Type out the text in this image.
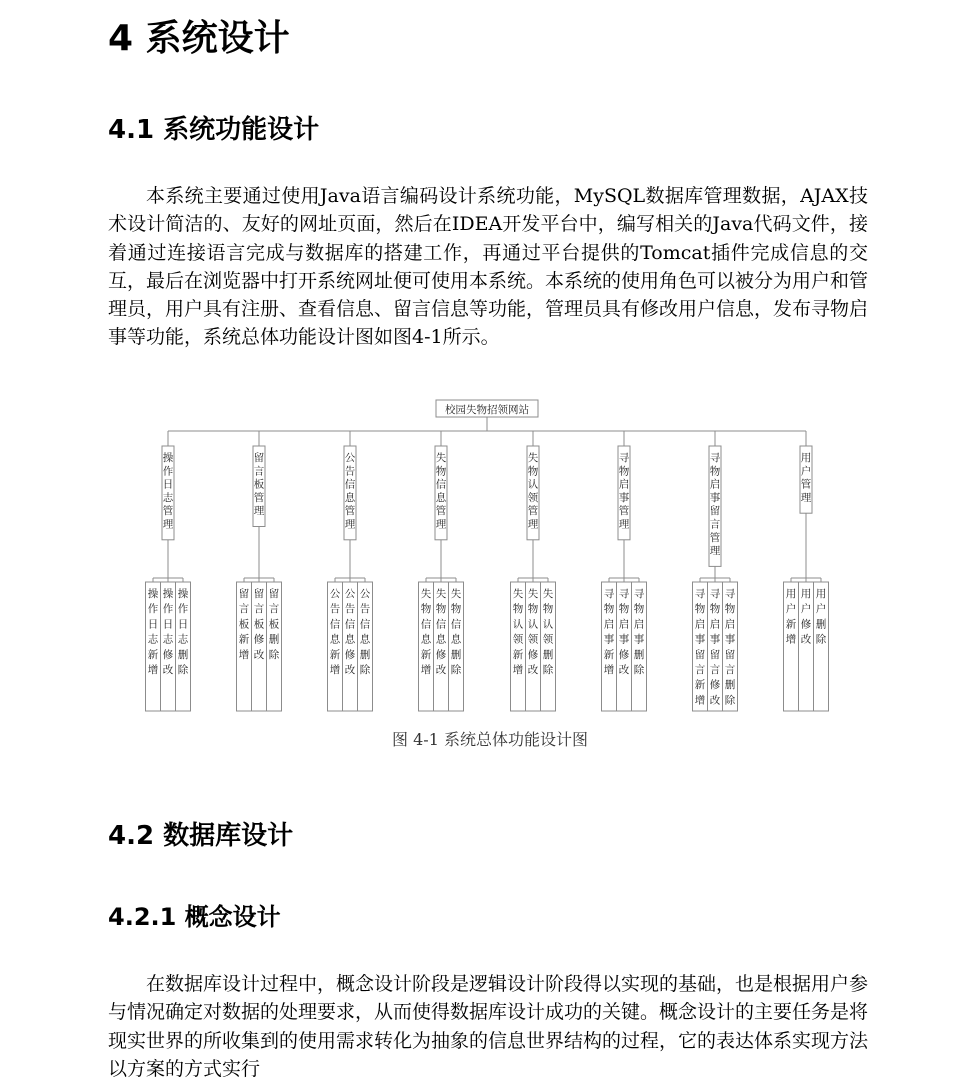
4 系统设计
4.1 系统功能设计

本系统主要通过使用Java语言编码设计系统功能，MySQL数据库管理数据，AJAX技术设计简洁的、友好的网址页面，然后在IDEA开发平台中，编写相关的Java代码文件，接着通过连接语言完成与数据库的搭建工作，再通过平台提供的Tomcat插件完成信息的交互，最后在浏览器中打开系统网址便可使用本系统。本系统的使用角色可以被分为用户和管理员，用户具有注册、查看信息、留言信息等功能，管理员具有修改用户信息，发布寻物启事等功能，系统总体功能设计图如图4-1所示。

校园失物招领网站
操作日志管理
操作日志新增
操作日志修改
操作日志删除
留言板管理
留言板新增
留言板修改
留言板删除
公告信息管理
公告信息新增
公告信息修改
公告信息删除
失物信息管理
失物信息新增
失物信息修改
失物信息删除
失物认领管理
失物认领新增
失物认领修改
失物认领删除
寻物启事管理
寻物启事新增
寻物启事修改
寻物启事删除
寻物启事留言管理
寻物启事留言新增
寻物启事留言修改
寻物启事留言删除
用户管理
用户新增
用户修改
用户删除
图 4-1 系统总体功能设计图
4.2 数据库设计
4.2.1 概念设计

在数据库设计过程中，概念设计阶段是逻辑设计阶段得以实现的基础，也是根据用户参与情况确定对数据的处理要求，从而使得数据库设计成功的关键。概念设计的主要任务是将现实世界的所收集到的使用需求转化为抽象的信息世界结构的过程，它的表达体系实现方法以方案的方式实行
